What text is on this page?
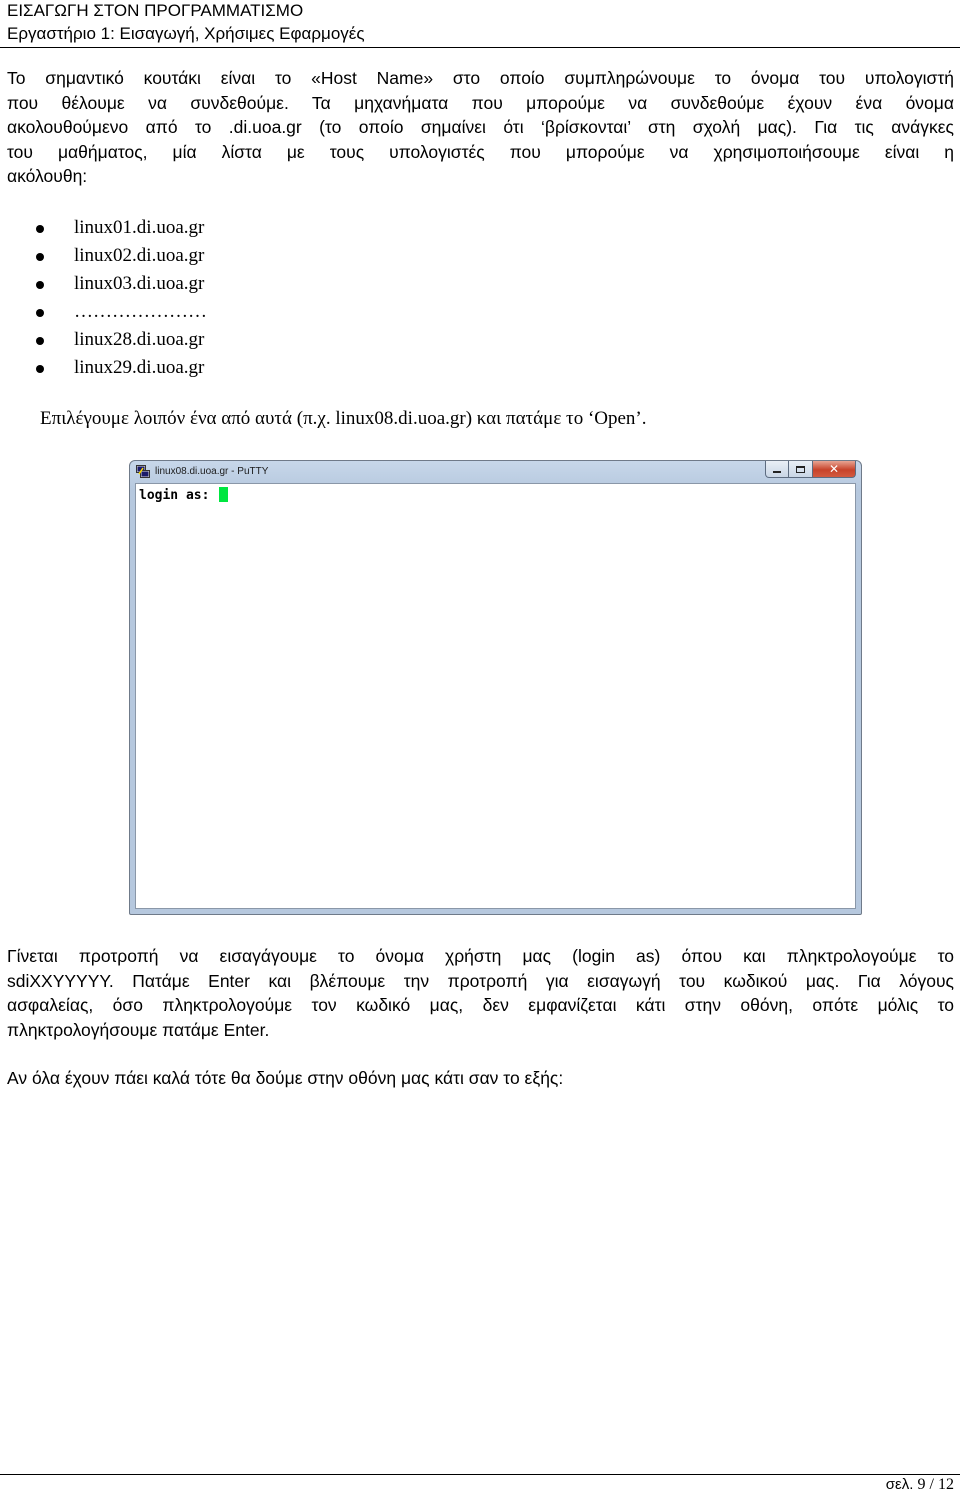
ΕΙΣΑΓΩΓΗ ΣΤΟΝ ΠΡΟΓΡΑΜΜΑΤΙΣΜΟ
Εργαστήριο 1: Εισαγωγή, Χρήσιμες Εφαρμογές

Το σημαντικό κουτάκι είναι το «Host Name» στο οποίο συμπληρώνουμε το όνομα του υπολογιστή
που θέλουμε να συνδεθούμε. Τα μηχανήματα που μπορούμε να συνδεθούμε έχουν ένα όνομα
ακολουθούμενο από το .di.uoa.gr (το οποίο σημαίνει ότι ‘βρίσκονται’ στη σχολή μας). Για τις ανάγκες
του μαθήματος, μία λίστα με τους υπολογιστές που μπορούμε να χρησιμοποιήσουμε είναι η
ακόλουθη:

linux01.di.uoa.gr
linux02.di.uoa.gr
linux03.di.uoa.gr
…………………
linux28.di.uoa.gr
linux29.di.uoa.gr
Επιλέγουμε λοιπόν ένα από αυτά (π.χ. linux08.di.uoa.gr) και πατάμε το ‘Open’.
linux08.di.uoa.gr - PuTTY	✕
login as:

Γίνεται προτροπή να εισαγάγουμε το όνομα χρήστη μας (login as) όπου και πληκτρολογούμε το
sdiXXYYYYY. Πατάμε Enter και βλέπουμε την προτροπή για εισαγωγή του κωδικού μας. Για λόγους
ασφαλείας, όσο πληκτρολογούμε τον κωδικό μας, δεν εμφανίζεται κάτι στην οθόνη, οπότε μόλις το
πληκτρολογήσουμε πατάμε Enter.

Αν όλα έχουν πάει καλά τότε θα δούμε στην οθόνη μας κάτι σαν το εξής:

σελ. 9 / 12
